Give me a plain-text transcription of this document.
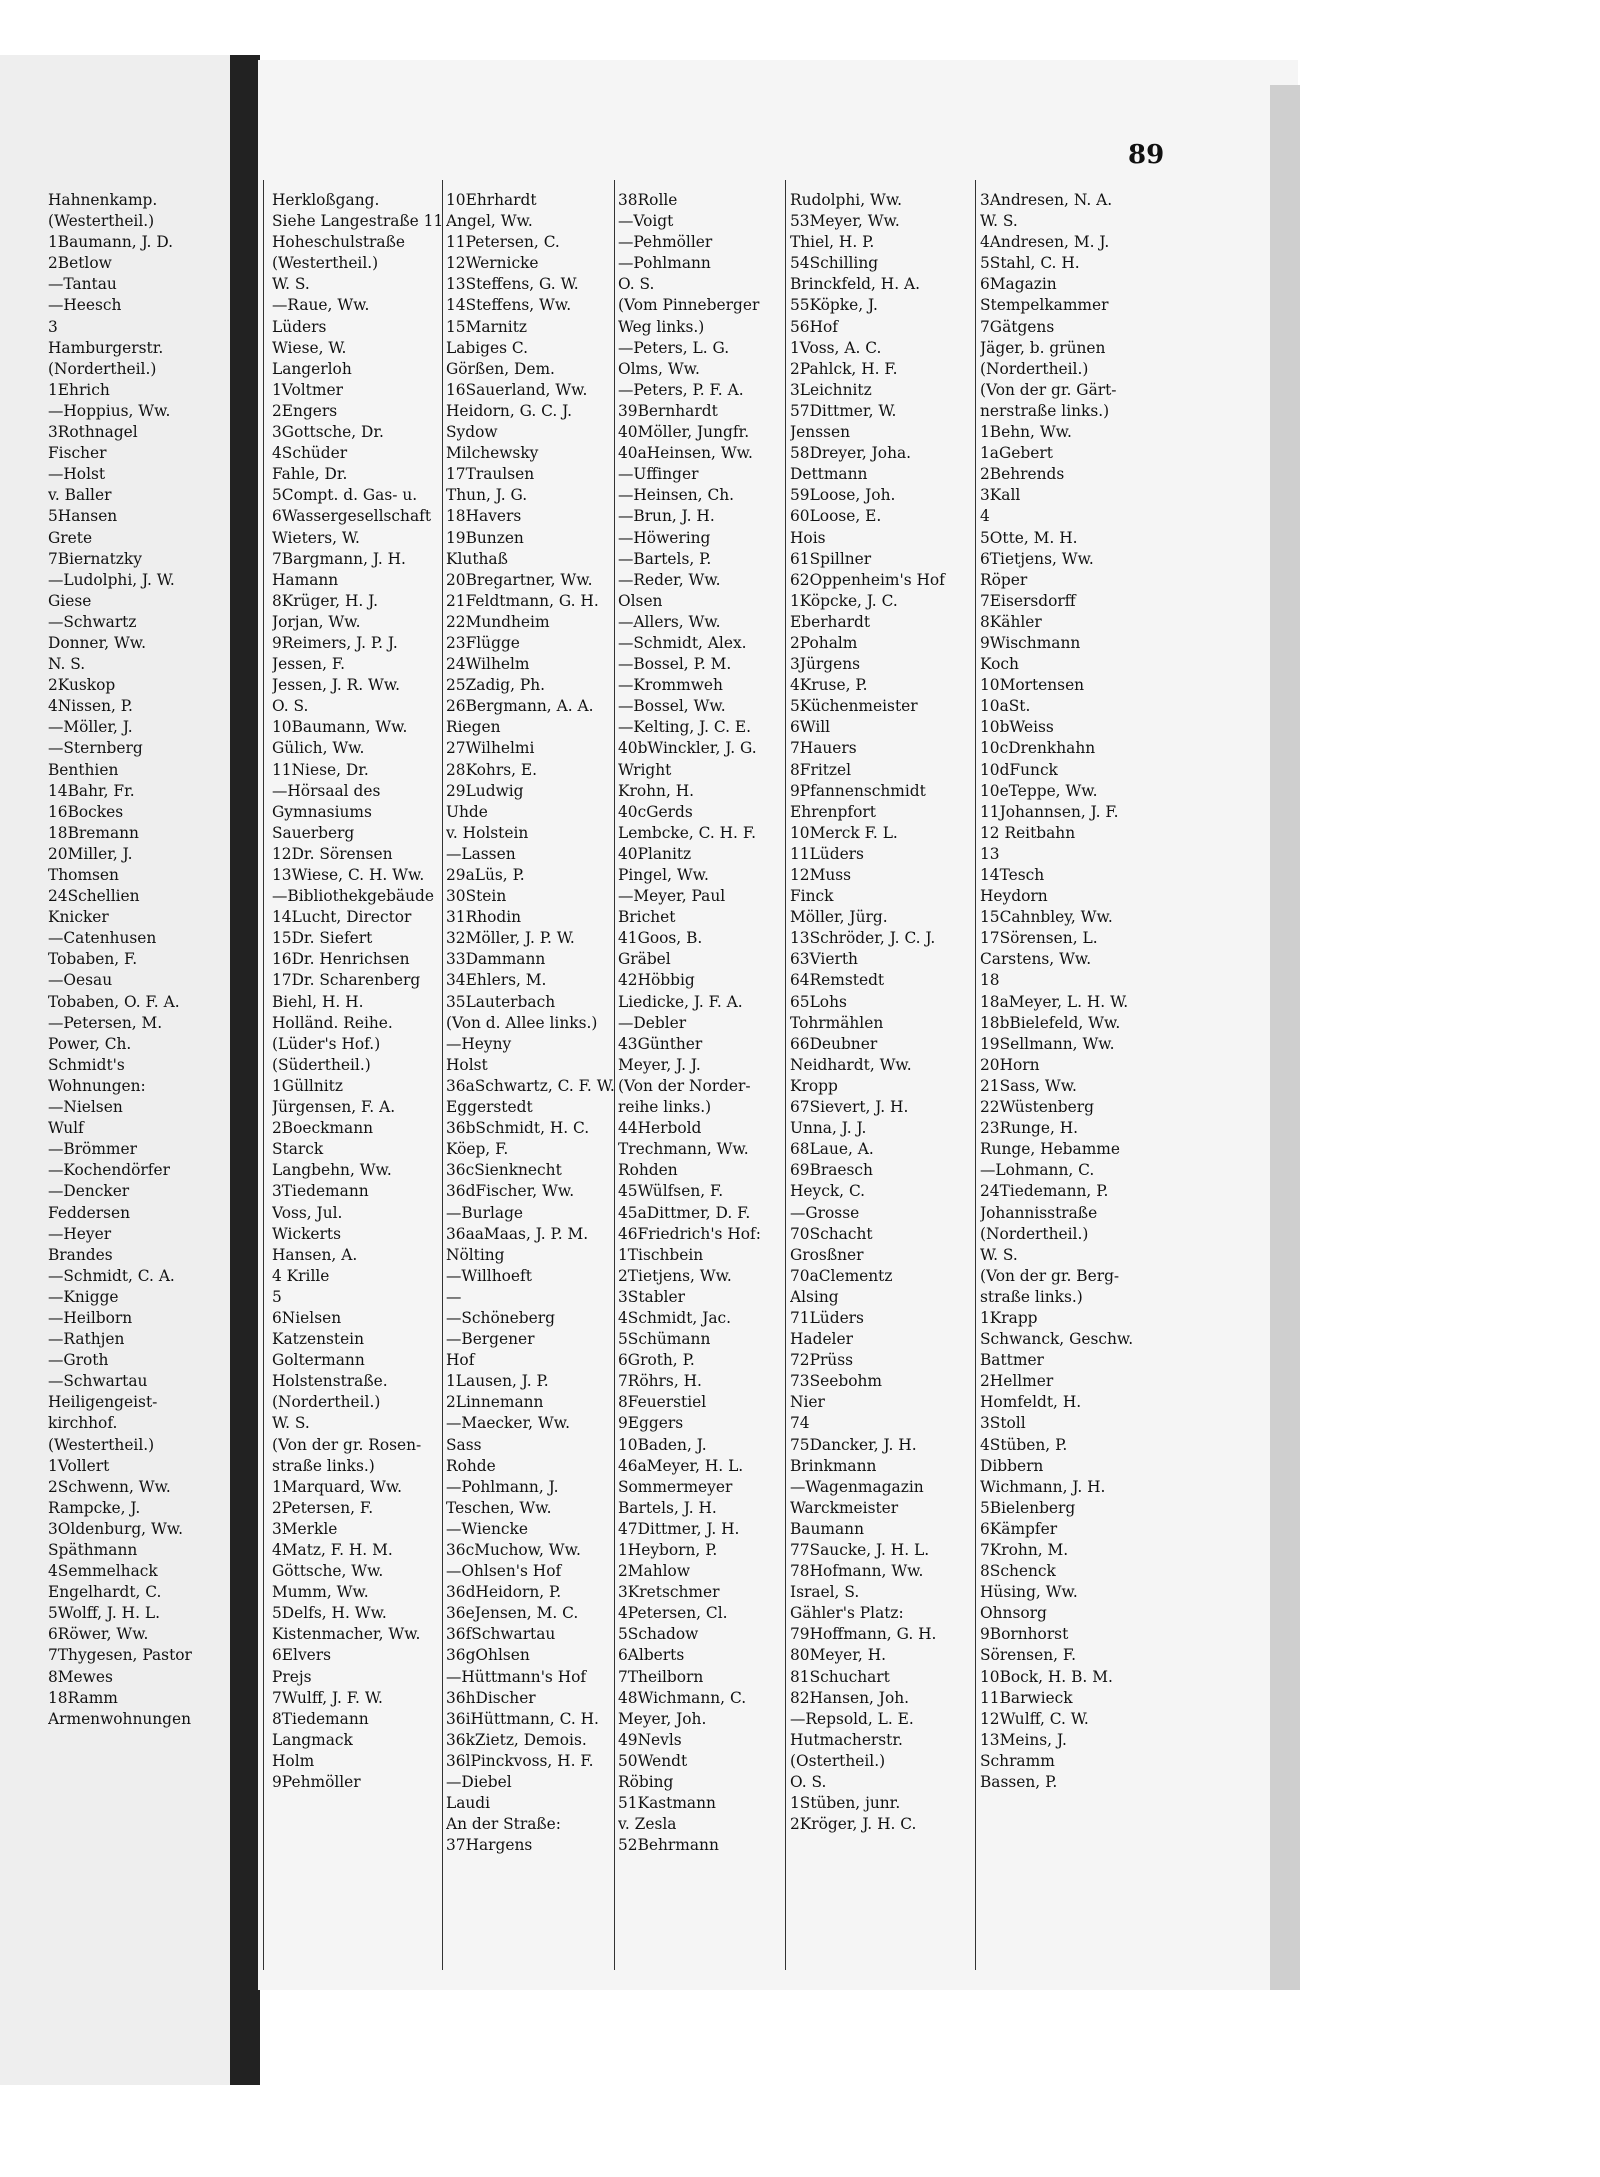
89
Hahnenkamp.
(Westertheil.)
1Baumann, J. D.
2Betlow
—Tantau
—Heesch
3
Hamburgerstr.
(Nordertheil.)
1Ehrich
—Hoppius, Ww.
3Rothnagel
Fischer
—Holst
v. Baller
5Hansen
Grete
7Biernatzky
—Ludolphi, J. W.
Giese
—Schwartz
Donner, Ww.
N. S.
2Kuskop
4Nissen, P.
—Möller, J.
—Sternberg
Benthien
14Bahr, Fr.
16Bockes
18Bremann
20Miller, J.
Thomsen
24Schellien
Knicker
—Catenhusen
Tobaben, F.
—Oesau
Tobaben, O. F. A.
—Petersen, M.
Power, Ch.
Schmidt's
Wohnungen:
—Nielsen
Wulf
—Brömmer
—Kochendörfer
—Dencker
Feddersen
—Heyer
Brandes
—Schmidt, C. A.
—Knigge
—Heilborn
—Rathjen
—Groth
—Schwartau
Heiligengeist-
kirchhof.
(Westertheil.)
1Vollert
2Schwenn, Ww.
Rampcke, J.
3Oldenburg, Ww.
Späthmann
4Semmelhack
Engelhardt, C.
5Wolff, J. H. L.
6Röwer, Ww.
7Thygesen, Pastor
8Mewes
18Ramm
Armenwohnungen
Herkloßgang.
Siehe Langestraße 11
Hoheschulstraße
(Westertheil.)
W. S.
—Raue, Ww.
Lüders
Wiese, W.
Langerloh
1Voltmer
2Engers
3Gottsche, Dr.
4Schüder
Fahle, Dr.
5Compt. d. Gas- u.
6Wassergesellschaft
Wieters, W.
7Bargmann, J. H.
Hamann
8Krüger, H. J.
Jorjan, Ww.
9Reimers, J. P. J.
Jessen, F.
Jessen, J. R. Ww.
O. S.
10Baumann, Ww.
Gülich, Ww.
11Niese, Dr.
—Hörsaal des
Gymnasiums
Sauerberg
12Dr. Sörensen
13Wiese, C. H. Ww.
—Bibliothekgebäude
14Lucht, Director
15Dr. Siefert
16Dr. Henrichsen
17Dr. Scharenberg
Biehl, H. H.
Holländ. Reihe.
(Lüder's Hof.)
(Südertheil.)
1Güllnitz
Jürgensen, F. A.
2Boeckmann
Starck
Langbehn, Ww.
3Tiedemann
Voss, Jul.
Wickerts
Hansen, A.
4 Krille
5
6Nielsen
Katzenstein
Goltermann
Holstenstraße.
(Nordertheil.)
W. S.
(Von der gr. Rosen-
straße links.)
1Marquard, Ww.
2Petersen, F.
3Merkle
4Matz, F. H. M.
Göttsche, Ww.
Mumm, Ww.
5Delfs, H. Ww.
Kistenmacher, Ww.
6Elvers
Prejs
7Wulff, J. F. W.
8Tiedemann
Langmack
Holm
9Pehmöller
10Ehrhardt
Angel, Ww.
11Petersen, C.
12Wernicke
13Steffens, G. W.
14Steffens, Ww.
15Marnitz
Labiges C.
Görßen, Dem.
16Sauerland, Ww.
Heidorn, G. C. J.
Sydow
Milchewsky
17Traulsen
Thun, J. G.
18Havers
19Bunzen
Kluthaß
20Bregartner, Ww.
21Feldtmann, G. H.
22Mundheim
23Flügge
24Wilhelm
25Zadig, Ph.
26Bergmann, A. A.
Riegen
27Wilhelmi
28Kohrs, E.
29Ludwig
Uhde
v. Holstein
—Lassen
29aLüs, P.
30Stein
31Rhodin
32Möller, J. P. W.
33Dammann
34Ehlers, M.
35Lauterbach
(Von d. Allee links.)
—Heyny
Holst
36aSchwartz, C. F. W.
Eggerstedt
36bSchmidt, H. C.
Köep, F.
36cSienknecht
36dFischer, Ww.
—Burlage
36aaMaas, J. P. M.
Nölting
—Willhoeft
—
—Schöneberg
—Bergener
Hof
1Lausen, J. P.
2Linnemann
—Maecker, Ww.
Sass
Rohde
—Pohlmann, J.
Teschen, Ww.
—Wiencke
36cMuchow, Ww.
—Ohlsen's Hof
36dHeidorn, P.
36eJensen, M. C.
36fSchwartau
36gOhlsen
—Hüttmann's Hof
36hDischer
36iHüttmann, C. H.
36kZietz, Demois.
36lPinckvoss, H. F.
—Diebel
Laudi
An der Straße:
37Hargens
38Rolle
—Voigt
—Pehmöller
—Pohlmann
O. S.
(Vom Pinneberger
Weg links.)
—Peters, L. G.
Olms, Ww.
—Peters, P. F. A.
39Bernhardt
40Möller, Jungfr.
40aHeinsen, Ww.
—Uffinger
—Heinsen, Ch.
—Brun, J. H.
—Höwering
—Bartels, P.
—Reder, Ww.
Olsen
—Allers, Ww.
—Schmidt, Alex.
—Bossel, P. M.
—Krommweh
—Bossel, Ww.
—Kelting, J. C. E.
40bWinckler, J. G.
Wright
Krohn, H.
40cGerds
Lembcke, C. H. F.
40Planitz
Pingel, Ww.
—Meyer, Paul
Brichet
41Goos, B.
Gräbel
42Höbbig
Liedicke, J. F. A.
—Debler
43Günther
Meyer, J. J.
(Von der Norder-
reihe links.)
44Herbold
Trechmann, Ww.
Rohden
45Wülfsen, F.
45aDittmer, D. F.
46Friedrich's Hof:
1Tischbein
2Tietjens, Ww.
3Stabler
4Schmidt, Jac.
5Schümann
6Groth, P.
7Röhrs, H.
8Feuerstiel
9Eggers
10Baden, J.
46aMeyer, H. L.
Sommermeyer
Bartels, J. H.
47Dittmer, J. H.
1Heyborn, P.
2Mahlow
3Kretschmer
4Petersen, Cl.
5Schadow
6Alberts
7Theilborn
48Wichmann, C.
Meyer, Joh.
49Nevls
50Wendt
Röbing
51Kastmann
v. Zesla
52Behrmann
Rudolphi, Ww.
53Meyer, Ww.
Thiel, H. P.
54Schilling
Brinckfeld, H. A.
55Köpke, J.
56Hof
1Voss, A. C.
2Pahlck, H. F.
3Leichnitz
57Dittmer, W.
Jenssen
58Dreyer, Joha.
Dettmann
59Loose, Joh.
60Loose, E.
Hois
61Spillner
62Oppenheim's Hof
1Köpcke, J. C.
Eberhardt
2Pohalm
3Jürgens
4Kruse, P.
5Küchenmeister
6Will
7Hauers
8Fritzel
9Pfannenschmidt
Ehrenpfort
10Merck F. L.
11Lüders
12Muss
Finck
Möller, Jürg.
13Schröder, J. C. J.
63Vierth
64Remstedt
65Lohs
Tohrmählen
66Deubner
Neidhardt, Ww.
Kropp
67Sievert, J. H.
Unna, J. J.
68Laue, A.
69Braesch
Heyck, C.
—Grosse
70Schacht
Grosßner
70aClementz
Alsing
71Lüders
Hadeler
72Prüss
73Seebohm
Nier
74
75Dancker, J. H.
Brinkmann
—Wagenmagazin
Warckmeister
Baumann
77Saucke, J. H. L.
78Hofmann, Ww.
Israel, S.
Gähler's Platz:
79Hoffmann, G. H.
80Meyer, H.
81Schuchart
82Hansen, Joh.
—Repsold, L. E.
Hutmacherstr.
(Ostertheil.)
O. S.
1Stüben, junr.
2Kröger, J. H. C.
3Andresen, N. A.
W. S.
4Andresen, M. J.
5Stahl, C. H.
6Magazin
Stempelkammer
7Gätgens
Jäger, b. grünen
(Nordertheil.)
(Von der gr. Gärt-
nerstraße links.)
1Behn, Ww.
1aGebert
2Behrends
3Kall
4
5Otte, M. H.
6Tietjens, Ww.
Röper
7Eisersdorff
8Kähler
9Wischmann
Koch
10Mortensen
10aSt.
10bWeiss
10cDrenkhahn
10dFunck
10eTeppe, Ww.
11Johannsen, J. F.
12 Reitbahn
13
14Tesch
Heydorn
15Cahnbley, Ww.
17Sörensen, L.
Carstens, Ww.
18
18aMeyer, L. H. W.
18bBielefeld, Ww.
19Sellmann, Ww.
20Horn
21Sass, Ww.
22Wüstenberg
23Runge, H.
Runge, Hebamme
—Lohmann, C.
24Tiedemann, P.
Johannisstraße
(Nordertheil.)
W. S.
(Von der gr. Berg-
straße links.)
1Krapp
Schwanck, Geschw.
Battmer
2Hellmer
Homfeldt, H.
3Stoll
4Stüben, P.
Dibbern
Wichmann, J. H.
5Bielenberg
6Kämpfer
7Krohn, M.
8Schenck
Hüsing, Ww.
Ohnsorg
9Bornhorst
Sörensen, F.
10Bock, H. B. M.
11Barwieck
12Wulff, C. W.
13Meins, J.
Schramm
Bassen, P.
